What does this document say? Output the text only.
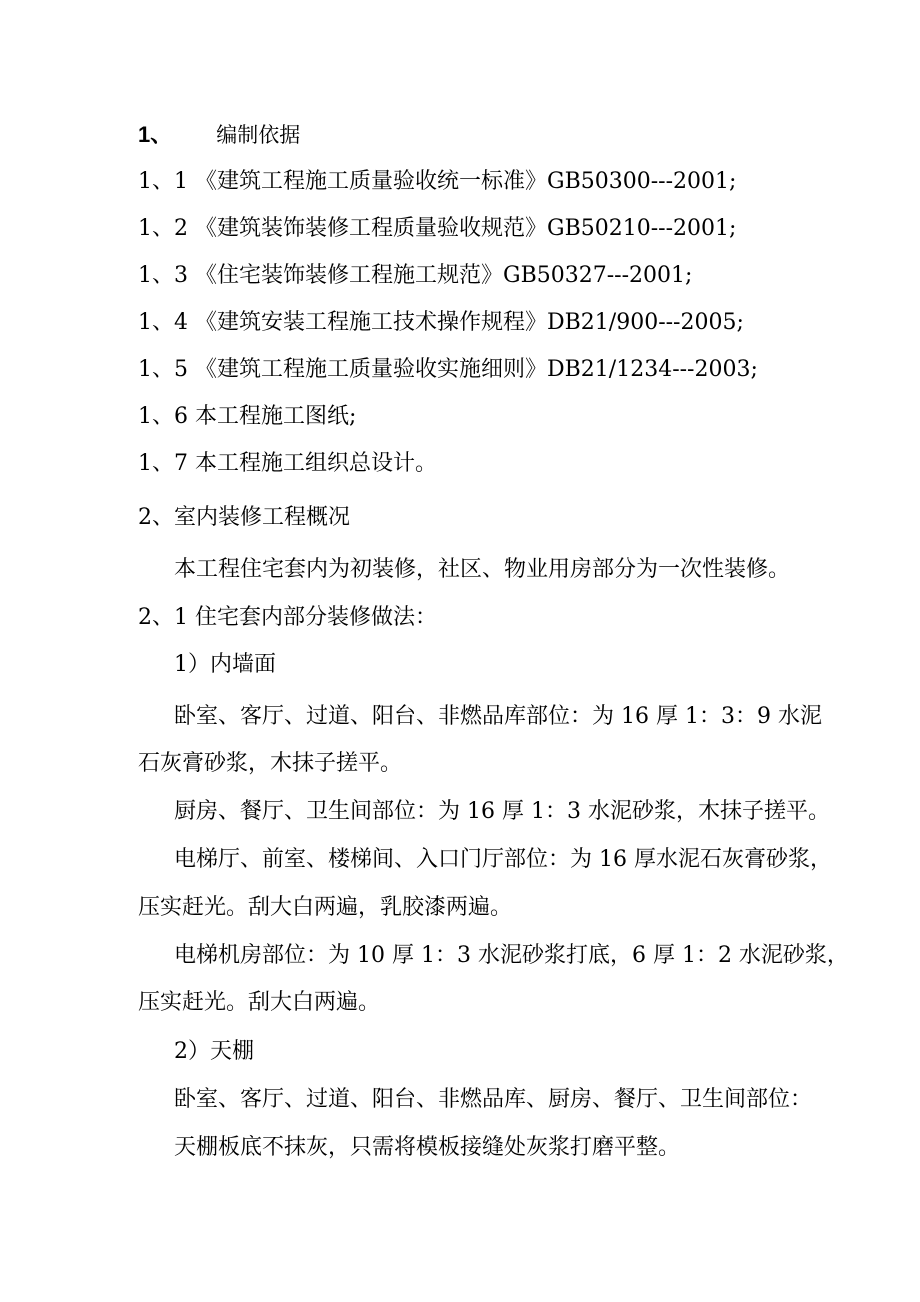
1、 编制依据
1、1 《建筑工程施工质量验收统一标准》GB50300---2001;
1、2 《建筑装饰装修工程质量验收规范》GB50210---2001;
1、3 《住宅装饰装修工程施工规范》GB50327---2001;
1、4 《建筑安装工程施工技术操作规程》DB21/900---2005;
1、5 《建筑工程施工质量验收实施细则》DB21/1234---2003;
1、6 本工程施工图纸;
1、7 本工程施工组织总设计。
2、室内装修工程概况
本工程住宅套内为初装修，社区、物业用房部分为一次性装修。
2、1 住宅套内部分装修做法：
1）内墙面
卧室、客厅、过道、阳台、非燃品库部位：为 16 厚 1：3：9 水泥
石灰膏砂浆，木抹子搓平。
厨房、餐厅、卫生间部位：为 16 厚 1：3 水泥砂浆，木抹子搓平。
电梯厅、前室、楼梯间、入口门厅部位：为 16 厚水泥石灰膏砂浆，
压实赶光。刮大白两遍，乳胶漆两遍。
电梯机房部位：为 10 厚 1：3 水泥砂浆打底，6 厚 1：2 水泥砂浆，
压实赶光。刮大白两遍。
2）天棚
卧室、客厅、过道、阳台、非燃品库、厨房、餐厅、卫生间部位：
天棚板底不抹灰，只需将模板接缝处灰浆打磨平整。
